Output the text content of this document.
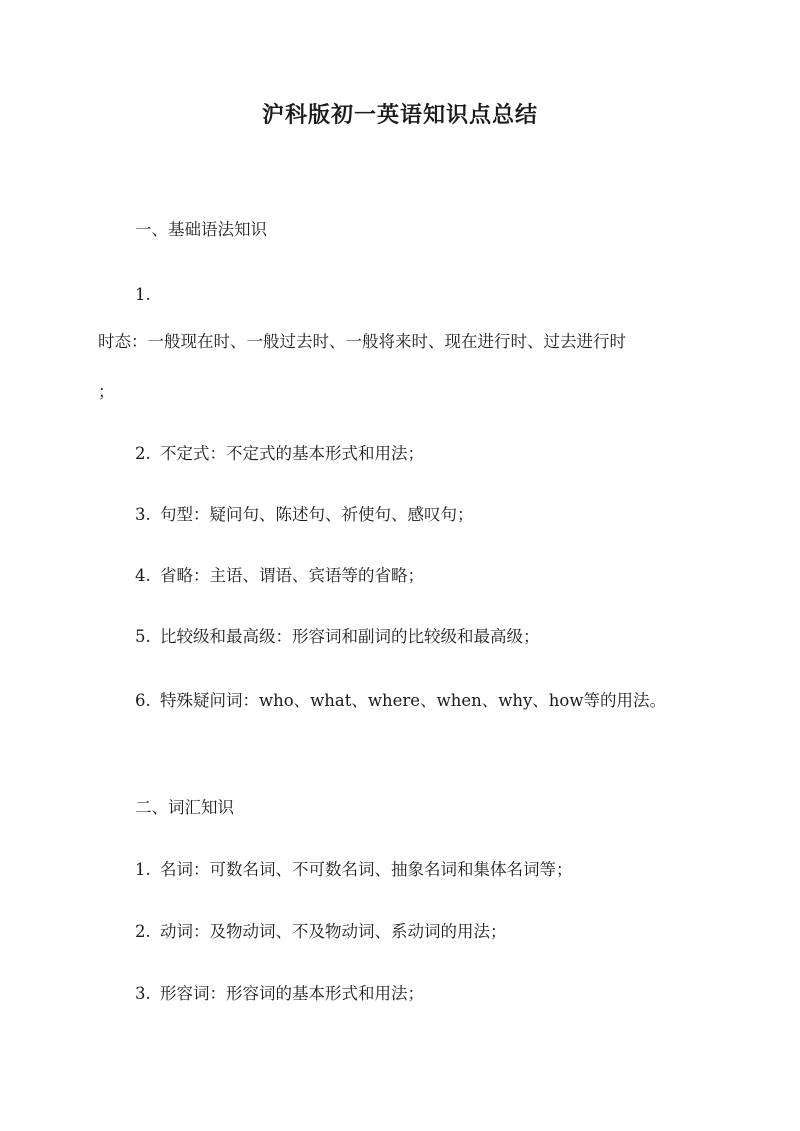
沪科版初一英语知识点总结
一、基础语法知识
1.
时态：一般现在时、一般过去时、一般将来时、现在进行时、过去进行时
；
2. 不定式：不定式的基本形式和用法；
3. 句型：疑问句、陈述句、祈使句、感叹句；
4. 省略：主语、谓语、宾语等的省略；
5. 比较级和最高级：形容词和副词的比较级和最高级；
6. 特殊疑问词：who、what、where、when、why、how等的用法。
二、词汇知识
1. 名词：可数名词、不可数名词、抽象名词和集体名词等；
2. 动词：及物动词、不及物动词、系动词的用法；
3. 形容词：形容词的基本形式和用法；
